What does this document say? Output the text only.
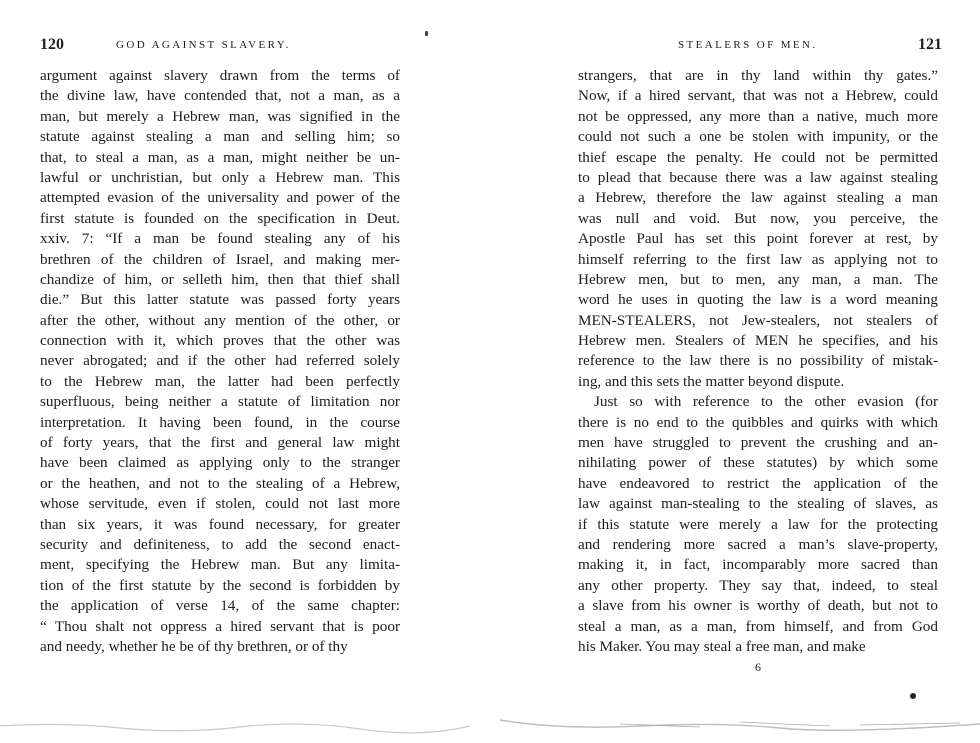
120	GOD AGAINST SLAVERY.
argument against slavery drawn from the terms of
the divine law, have contended that, not a man, as a
man, but merely a Hebrew man, was signified in the
statute against stealing a man and selling him; so
that, to steal a man, as a man, might neither be un-
lawful or unchristian, but only a Hebrew man. This
attempted evasion of the universality and power of the
first statute is founded on the specification in Deut.
xxiv. 7: “If a man be found stealing any of his
brethren of the children of Israel, and making mer-
chandize of him, or selleth him, then that thief shall
die.” But this latter statute was passed forty years
after the other, without any mention of the other, or
connection with it, which proves that the other was
never abrogated; and if the other had referred solely
to the Hebrew man, the latter had been perfectly
superfluous, being neither a statute of limitation nor
interpretation. It having been found, in the course
of forty years, that the first and general law might
have been claimed as applying only to the stranger
or the heathen, and not to the stealing of a Hebrew,
whose servitude, even if stolen, could not last more
than six years, it was found necessary, for greater
security and definiteness, to add the second enact-
ment, specifying the Hebrew man. But any limita-
tion of the first statute by the second is forbidden by
the application of verse 14, of the same chapter:
“ Thou shalt not oppress a hired servant that is poor
and needy, whether he be of thy brethren, or of thy
STEALERS OF MEN.	121
strangers, that are in thy land within thy gates.”
Now, if a hired servant, that was not a Hebrew, could
not be oppressed, any more than a native, much more
could not such a one be stolen with impunity, or the
thief escape the penalty. He could not be permitted
to plead that because there was a law against stealing
a Hebrew, therefore the law against stealing a man
was null and void. But now, you perceive, the
Apostle Paul has set this point forever at rest, by
himself referring to the first law as applying not to
Hebrew men, but to men, any man, a man. The
word he uses in quoting the law is a word meaning
MEN-STEALERS, not Jew-stealers, not stealers of
Hebrew men. Stealers of MEN he specifies, and his
reference to the law there is no possibility of mistak-
ing, and this sets the matter beyond dispute.
Just so with reference to the other evasion (for
there is no end to the quibbles and quirks with which
men have struggled to prevent the crushing and an-
nihilating power of these statutes) by which some
have endeavored to restrict the application of the
law against man-stealing to the stealing of slaves, as
if this statute were merely a law for the protecting
and rendering more sacred a man’s slave-property,
making it, in fact, incomparably more sacred than
any other property. They say that, indeed, to steal
a slave from his owner is worthy of death, but not to
steal a man, as a man, from himself, and from God
his Maker. You may steal a free man, and make
6
